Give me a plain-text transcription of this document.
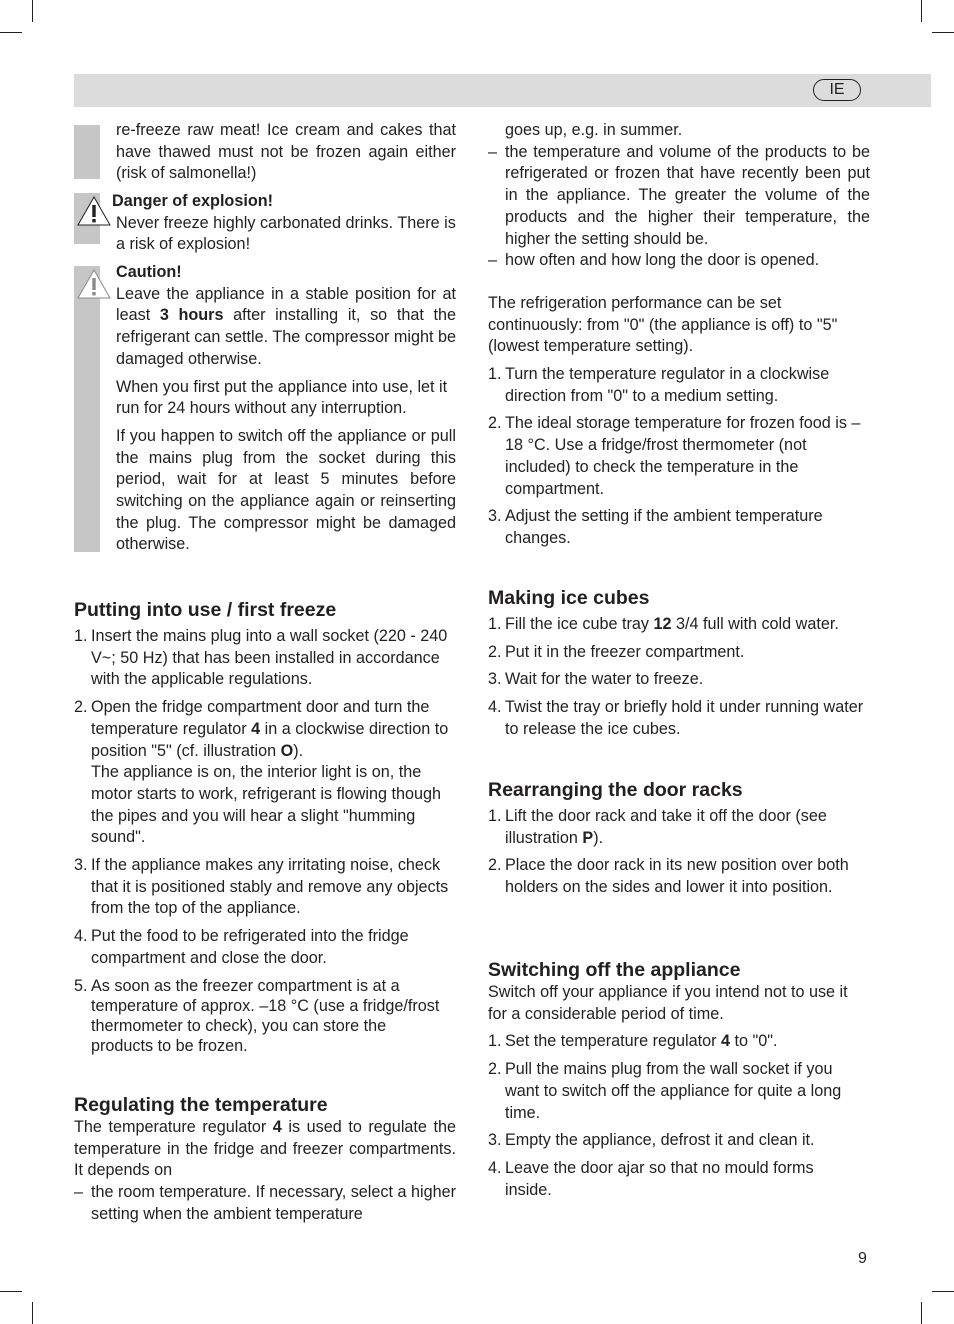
IE

re-freeze raw meat! Ice cream and cakes that have thawed must not be frozen again either (risk of salmonella!)

Danger of explosion!

Never freeze highly carbonated drinks. There is a risk of explosion!

Caution!

Leave the appliance in a stable position for at least 3 hours after installing it, so that the refrigerant can settle. The compressor might be damaged otherwise.

When you first put the appliance into use, let it run for 24 hours without any interruption.

If you happen to switch off the appliance or pull the mains plug from the socket during this period, wait for at least 5 minutes before switching on the appliance again or reinserting the plug. The compressor might be damaged otherwise.

Putting into use / first freeze
1. Insert the mains plug into a wall socket (220 - 240 V~; 50 Hz) that has been installed in accordance with the applicable regulations.
2. Open the fridge compartment door and turn the temperature regulator 4 in a clockwise direction to position "5" (cf. illustration O).
The appliance is on, the interior light is on, the motor starts to work, refrigerant is flowing though the pipes and you will hear a slight "humming sound".
3. If the appliance makes any irritating noise, check that it is positioned stably and remove any objects from the top of the appliance.
4. Put the food to be refrigerated into the fridge compartment and close the door.
5. As soon as the freezer compartment is at a temperature of approx. –18 °C (use a fridge/frost thermometer to check), you can store the products to be frozen.
Regulating the temperature

The temperature regulator 4 is used to regulate the temperature in the fridge and freezer compartments. It depends on

– the room temperature. If necessary, select a higher setting when the ambient temperature

goes up, e.g. in summer.

– the temperature and volume of the products to be refrigerated or frozen that have recently been put in the appliance. The greater the volume of the products and the higher their temperature, the higher the setting should be.
– how often and how long the door is opened.

The refrigeration performance can be set continuously: from "0" (the appliance is off) to "5" (lowest temperature setting).

1. Turn the temperature regulator in a clockwise direction from "0" to a medium setting.
2. The ideal storage temperature for frozen food is –18 °C. Use a fridge/frost thermometer (not included) to check the temperature in the compartment.
3. Adjust the setting if the ambient temperature changes.
Making ice cubes
1. Fill the ice cube tray 12 3/4 full with cold water.
2. Put it in the freezer compartment.
3. Wait for the water to freeze.
4. Twist the tray or briefly hold it under running water to release the ice cubes.
Rearranging the door racks
1. Lift the door rack and take it off the door (see illustration P).
2. Place the door rack in its new position over both holders on the sides and lower it into position.
Switching off the appliance

Switch off your appliance if you intend not to use it for a considerable period of time.

1. Set the temperature regulator 4 to "0".
2. Pull the mains plug from the wall socket if you want to switch off the appliance for quite a long time.
3. Empty the appliance, defrost it and clean it.
4. Leave the door ajar so that no mould forms inside.
9
